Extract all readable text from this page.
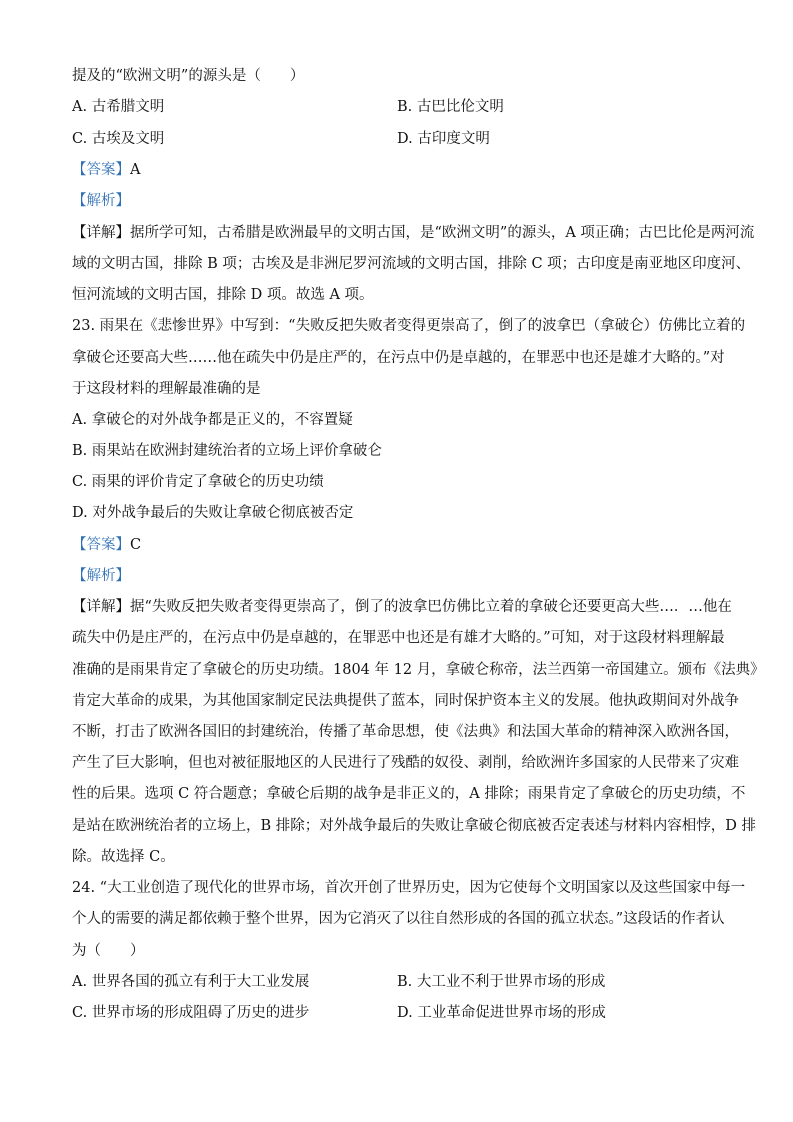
提及的“欧洲文明”的源头是（　　）
A. 古希腊文明	B. 古巴比伦文明
C. 古埃及文明	D. 古印度文明
【答案】A
【解析】
【详解】据所学可知，古希腊是欧洲最早的文明古国，是“欧洲文明”的源头，A 项正确；古巴比伦是两河流
域的文明古国，排除 B 项；古埃及是非洲尼罗河流域的文明古国，排除 C 项；古印度是南亚地区印度河、
恒河流域的文明古国，排除 D 项。故选 A 项。
23. 雨果在《悲惨世界》中写到：“失败反把失败者变得更崇高了，倒了的波拿巴（拿破仑）仿佛比立着的
拿破仑还要高大些……他在疏失中仍是庄严的，在污点中仍是卓越的，在罪恶中也还是雄才大略的。”对
于这段材料的理解最准确的是
A. 拿破仑的对外战争都是正义的，不容置疑
B. 雨果站在欧洲封建统治者的立场上评价拿破仑
C. 雨果的评价肯定了拿破仑的历史功绩
D. 对外战争最后的失败让拿破仑彻底被否定
【答案】C
【解析】
【详解】据“失败反把失败者变得更崇高了，倒了的波拿巴仿佛比立着的拿破仑还要更高大些…．…他在
疏失中仍是庄严的，在污点中仍是卓越的，在罪恶中也还是有雄才大略的。”可知，对于这段材料理解最
准确的是雨果肯定了拿破仑的历史功绩。1804 年 12 月，拿破仑称帝，法兰西第一帝国建立。颁布《法典》
肯定大革命的成果，为其他国家制定民法典提供了蓝本，同时保护资本主义的发展。他执政期间对外战争
不断，打击了欧洲各国旧的封建统治，传播了革命思想，使《法典》和法国大革命的精神深入欧洲各国，
产生了巨大影响，但也对被征服地区的人民进行了残酷的奴役、剥削，给欧洲许多国家的人民带来了灾难
性的后果。选项 C 符合题意；拿破仑后期的战争是非正义的，A 排除；雨果肯定了拿破仑的历史功绩，不
是站在欧洲统治者的立场上，B 排除；对外战争最后的失败让拿破仑彻底被否定表述与材料内容相悖，D 排
除。故选择 C。
24. “大工业创造了现代化的世界市场，首次开创了世界历史，因为它使每个文明国家以及这些国家中每一
个人的需要的满足都依赖于整个世界，因为它消灭了以往自然形成的各国的孤立状态。”这段话的作者认
为（　　）
A. 世界各国的孤立有利于大工业发展	B. 大工业不利于世界市场的形成
C. 世界市场的形成阻碍了历史的进步	D. 工业革命促进世界市场的形成
